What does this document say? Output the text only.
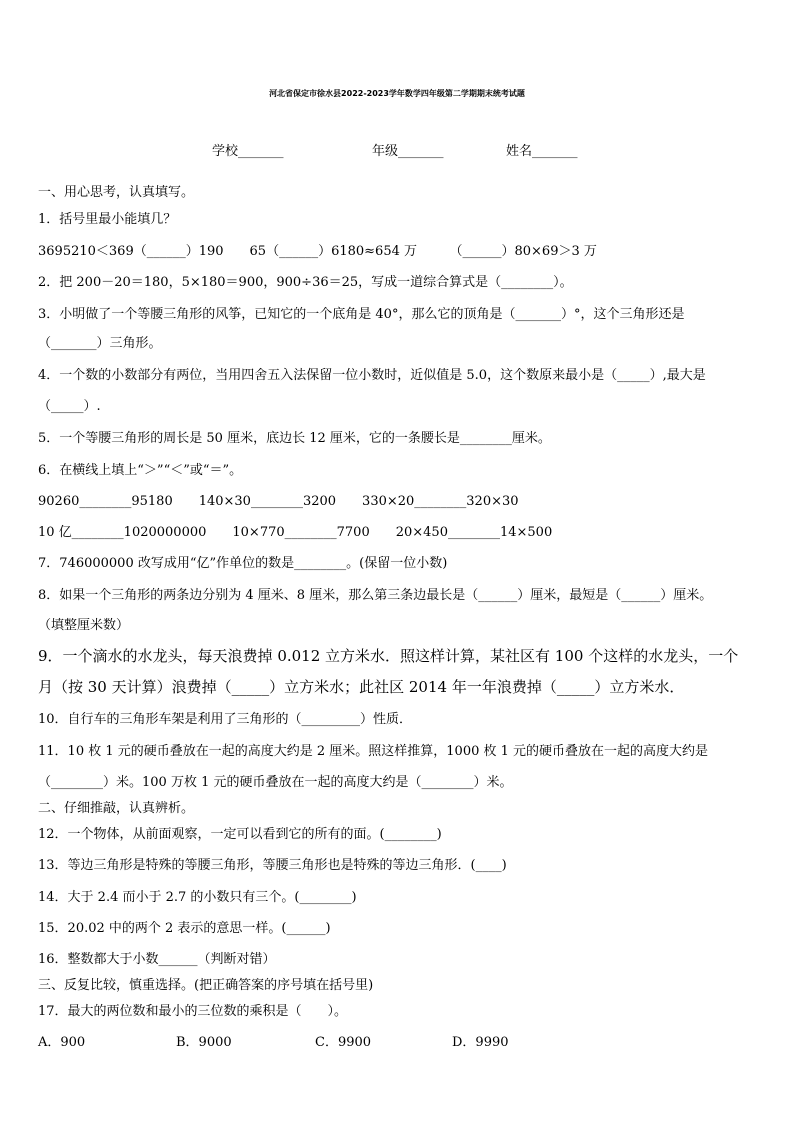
河北省保定市徐水县2022-2023学年数学四年级第二学期期末统考试题
学校_______	年级_______	姓名_______
一、用心思考，认真填写。
1．括号里最小能填几？
3695210＜369（______）190　　65（______）6180≈654 万　　　（______）80×69＞3 万
2．把 200－20＝180，5×180＝900，900÷36＝25，写成一道综合算式是（________）。
3．小明做了一个等腰三角形的风筝，已知它的一个底角是 40°，那么它的顶角是（_______）°，这个三角形还是
（_______）三角形。
4．一个数的小数部分有两位，当用四舍五入法保留一位小数时，近似值是 5.0，这个数原来最小是（_____）,最大是
（_____）.
5．一个等腰三角形的周长是 50 厘米，底边长 12 厘米，它的一条腰长是________厘米。
6．在横线上填上“＞”“＜”或“＝”。
90260________95180　　140×30________3200　　330×20________320×30
10 亿________1020000000　　10×770________7700　　20×450________14×500
7．746000000 改写成用“亿”作单位的数是________。(保留一位小数)
8．如果一个三角形的两条边分别为 4 厘米、8 厘米，那么第三条边最长是（______）厘米，最短是（______）厘米。
（填整厘米数）
9．一个滴水的水龙头，每天浪费掉 0.012 立方米水．照这样计算，某社区有 100 个这样的水龙头，一个
月（按 30 天计算）浪费掉（_____）立方米水；此社区 2014 年一年浪费掉（_____）立方米水．
10．自行车的三角形车架是利用了三角形的（_________）性质．
11．10 枚 1 元的硬币叠放在一起的高度大约是 2 厘米。照这样推算，1000 枚 1 元的硬币叠放在一起的高度大约是
（________）米。100 万枚 1 元的硬币叠放在一起的高度大约是（________）米。
二、仔细推敲，认真辨析。
12．一个物体，从前面观察，一定可以看到它的所有的面。(________)
13．等边三角形是特殊的等腰三角形，等腰三角形也是特殊的等边三角形．(____)
14．大于 2.4 而小于 2.7 的小数只有三个。(________)
15．20.02 中的两个 2 表示的意思一样。(______)
16．整数都大于小数______（判断对错）
三、反复比较，慎重选择。(把正确答案的序号填在括号里)
17．最大的两位数和最小的三位数的乘积是（　　）。
A．900	B．9000	C．9900	D．9990
